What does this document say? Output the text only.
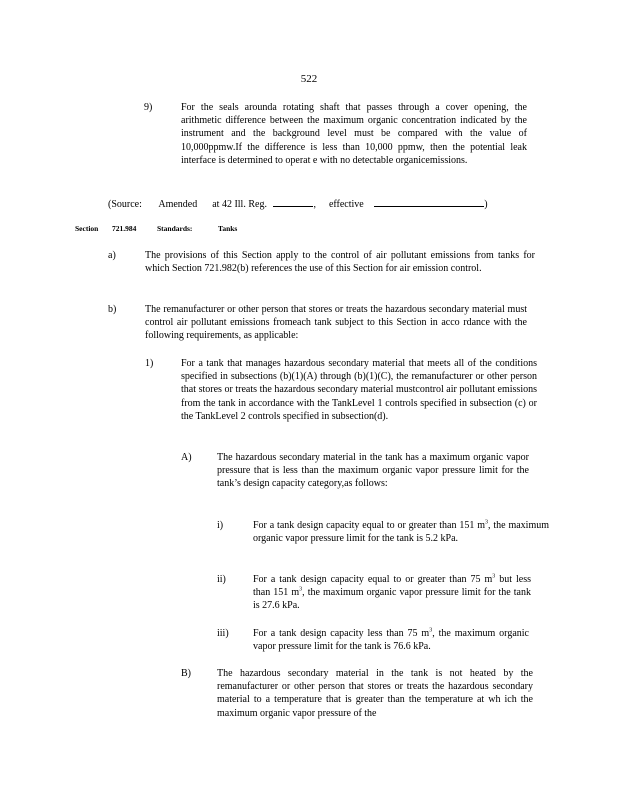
522
9)	For the seals arounda rotating shaft that passes through a cover opening, the arithmetic difference between the maximum organic concentration indicated by the instrument and the background level must be compared with the value of 10,000ppmw.If the difference is less than 10,000 ppmw, then the potential leak interface is determined to operat e with no detectable organicemissions.
(Source: Amended at 42 Ill. Reg.	, effective	)
Section 721.984	Standards:	Tanks
a)	The provisions of this Section apply to the control of air pollutant emissions from tanks for which Section 721.982(b) references the use of this Section for air emission control.
b)	The remanufacturer or other person that stores or treats the hazardous secondary material must control air pollutant emissions fromeach tank subject to this Section in acco rdance with the following requirements, as applicable:
1)	For a tank that manages hazardous secondary material that meets all of the conditions specified in subsections (b)(1)(A) through (b)(1)(C), the remanufacturer or other person that stores or treats the hazardous secondary material mustcontrol air pollutant emissions from the tank in accordance with the TankLevel 1 controls specified in subsection (c) or the TankLevel 2 controls specified in subsection(d).
A)	The hazardous secondary material in the tank has a maximum organic vapor pressure that is less than the maximum organic vapor pressure limit for the tank’s design capacity category,as follows:
i)	For a tank design capacity equal to or greater than 151 $m^3$, the maximum organic vapor pressure limit for the tank is 5.2 kPa.
ii)	For a tank design capacity equal to or greater than 75 $m^3$ but less than 151 $m^3$, the maximum organic vapor pressure limit for the tank is 27.6 kPa.
iii) For a tank design capacity less than 75 $m^3$, the maximum organic vapor pressure limit for the tank is 76.6 kPa.
B)	The hazardous secondary material in the tank is not heated by the remanufacturer or other person that stores or treats the hazardous secondary material to a temperature that is greater than the temperature at wh ich the maximum organic vapor pressure of the
